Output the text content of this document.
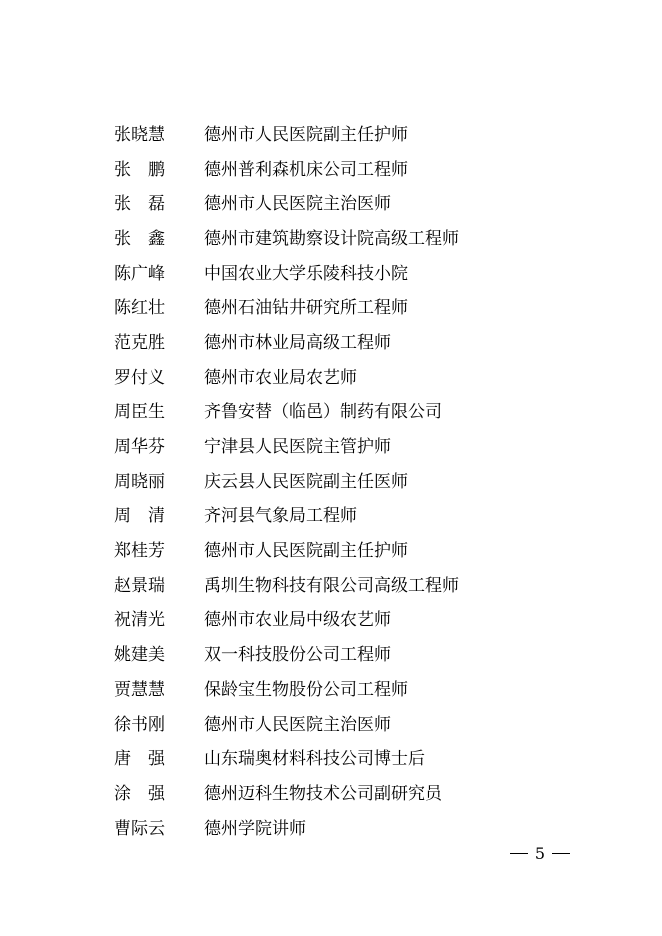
张晓慧	德州市人民医院副主任护师
张鹏	德州普利森机床公司工程师
张磊	德州市人民医院主治医师
张鑫	德州市建筑勘察设计院高级工程师
陈广峰	中国农业大学乐陵科技小院
陈红壮	德州石油钻井研究所工程师
范克胜	德州市林业局高级工程师
罗付义	德州市农业局农艺师
周臣生	齐鲁安替（临邑）制药有限公司
周华芬	宁津县人民医院主管护师
周晓丽	庆云县人民医院副主任医师
周清	齐河县气象局工程师
郑桂芳	德州市人民医院副主任护师
赵景瑞	禹圳生物科技有限公司高级工程师
祝清光	德州市农业局中级农艺师
姚建美	双一科技股份公司工程师
贾慧慧	保龄宝生物股份公司工程师
徐书刚	德州市人民医院主治医师
唐强	山东瑞奥材料科技公司博士后
涂强	德州迈科生物技术公司副研究员
曹际云	德州学院讲师
5
